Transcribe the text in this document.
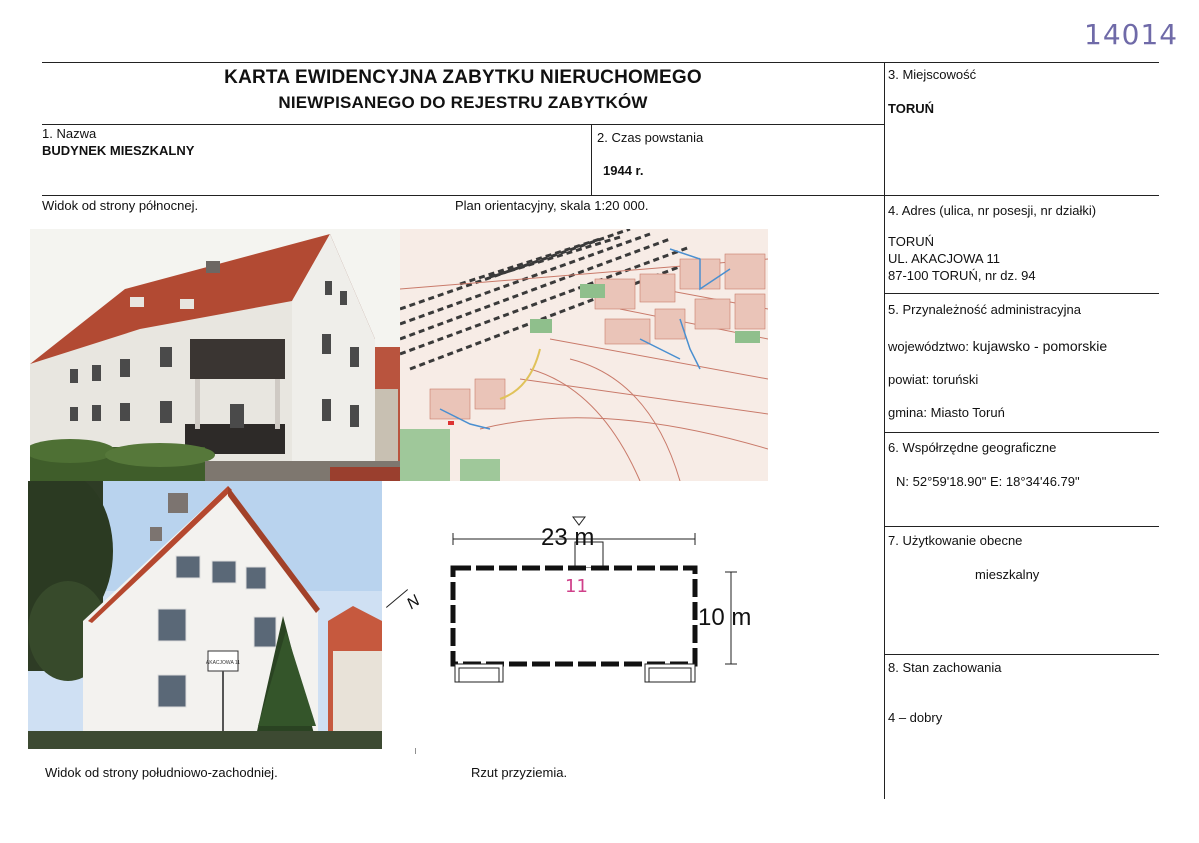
14014
KARTA EWIDENCYJNA ZABYTKU NIERUCHOMEGO
NIEWPISANEGO DO REJESTRU ZABYTKÓW
1. Nazwa
BUDYNEK MIESZKALNY
2. Czas powstania
1944 r.
3. Miejscowość
TORUŃ
4. Adres (ulica, nr posesji, nr działki)
TORUŃ
UL. AKACJOWA 11
87-100 TORUŃ, nr dz. 94
5. Przynależność administracyjna
województwo: kujawsko - pomorskie
powiat: toruński
gmina: Miasto Toruń
6. Współrzędne geograficzne
N: 52°59'18.90" E: 18°34'46.79"
7. Użytkowanie obecne
mieszkalny
8. Stan zachowania
4 – dobry
Widok od strony północnej.	Plan orientacyjny, skala 1:20 000.
Widok od strony południowo-zachodniej.	Rzut przyziemia.
AKACJOWA 11
23 m
10 m
11
N
